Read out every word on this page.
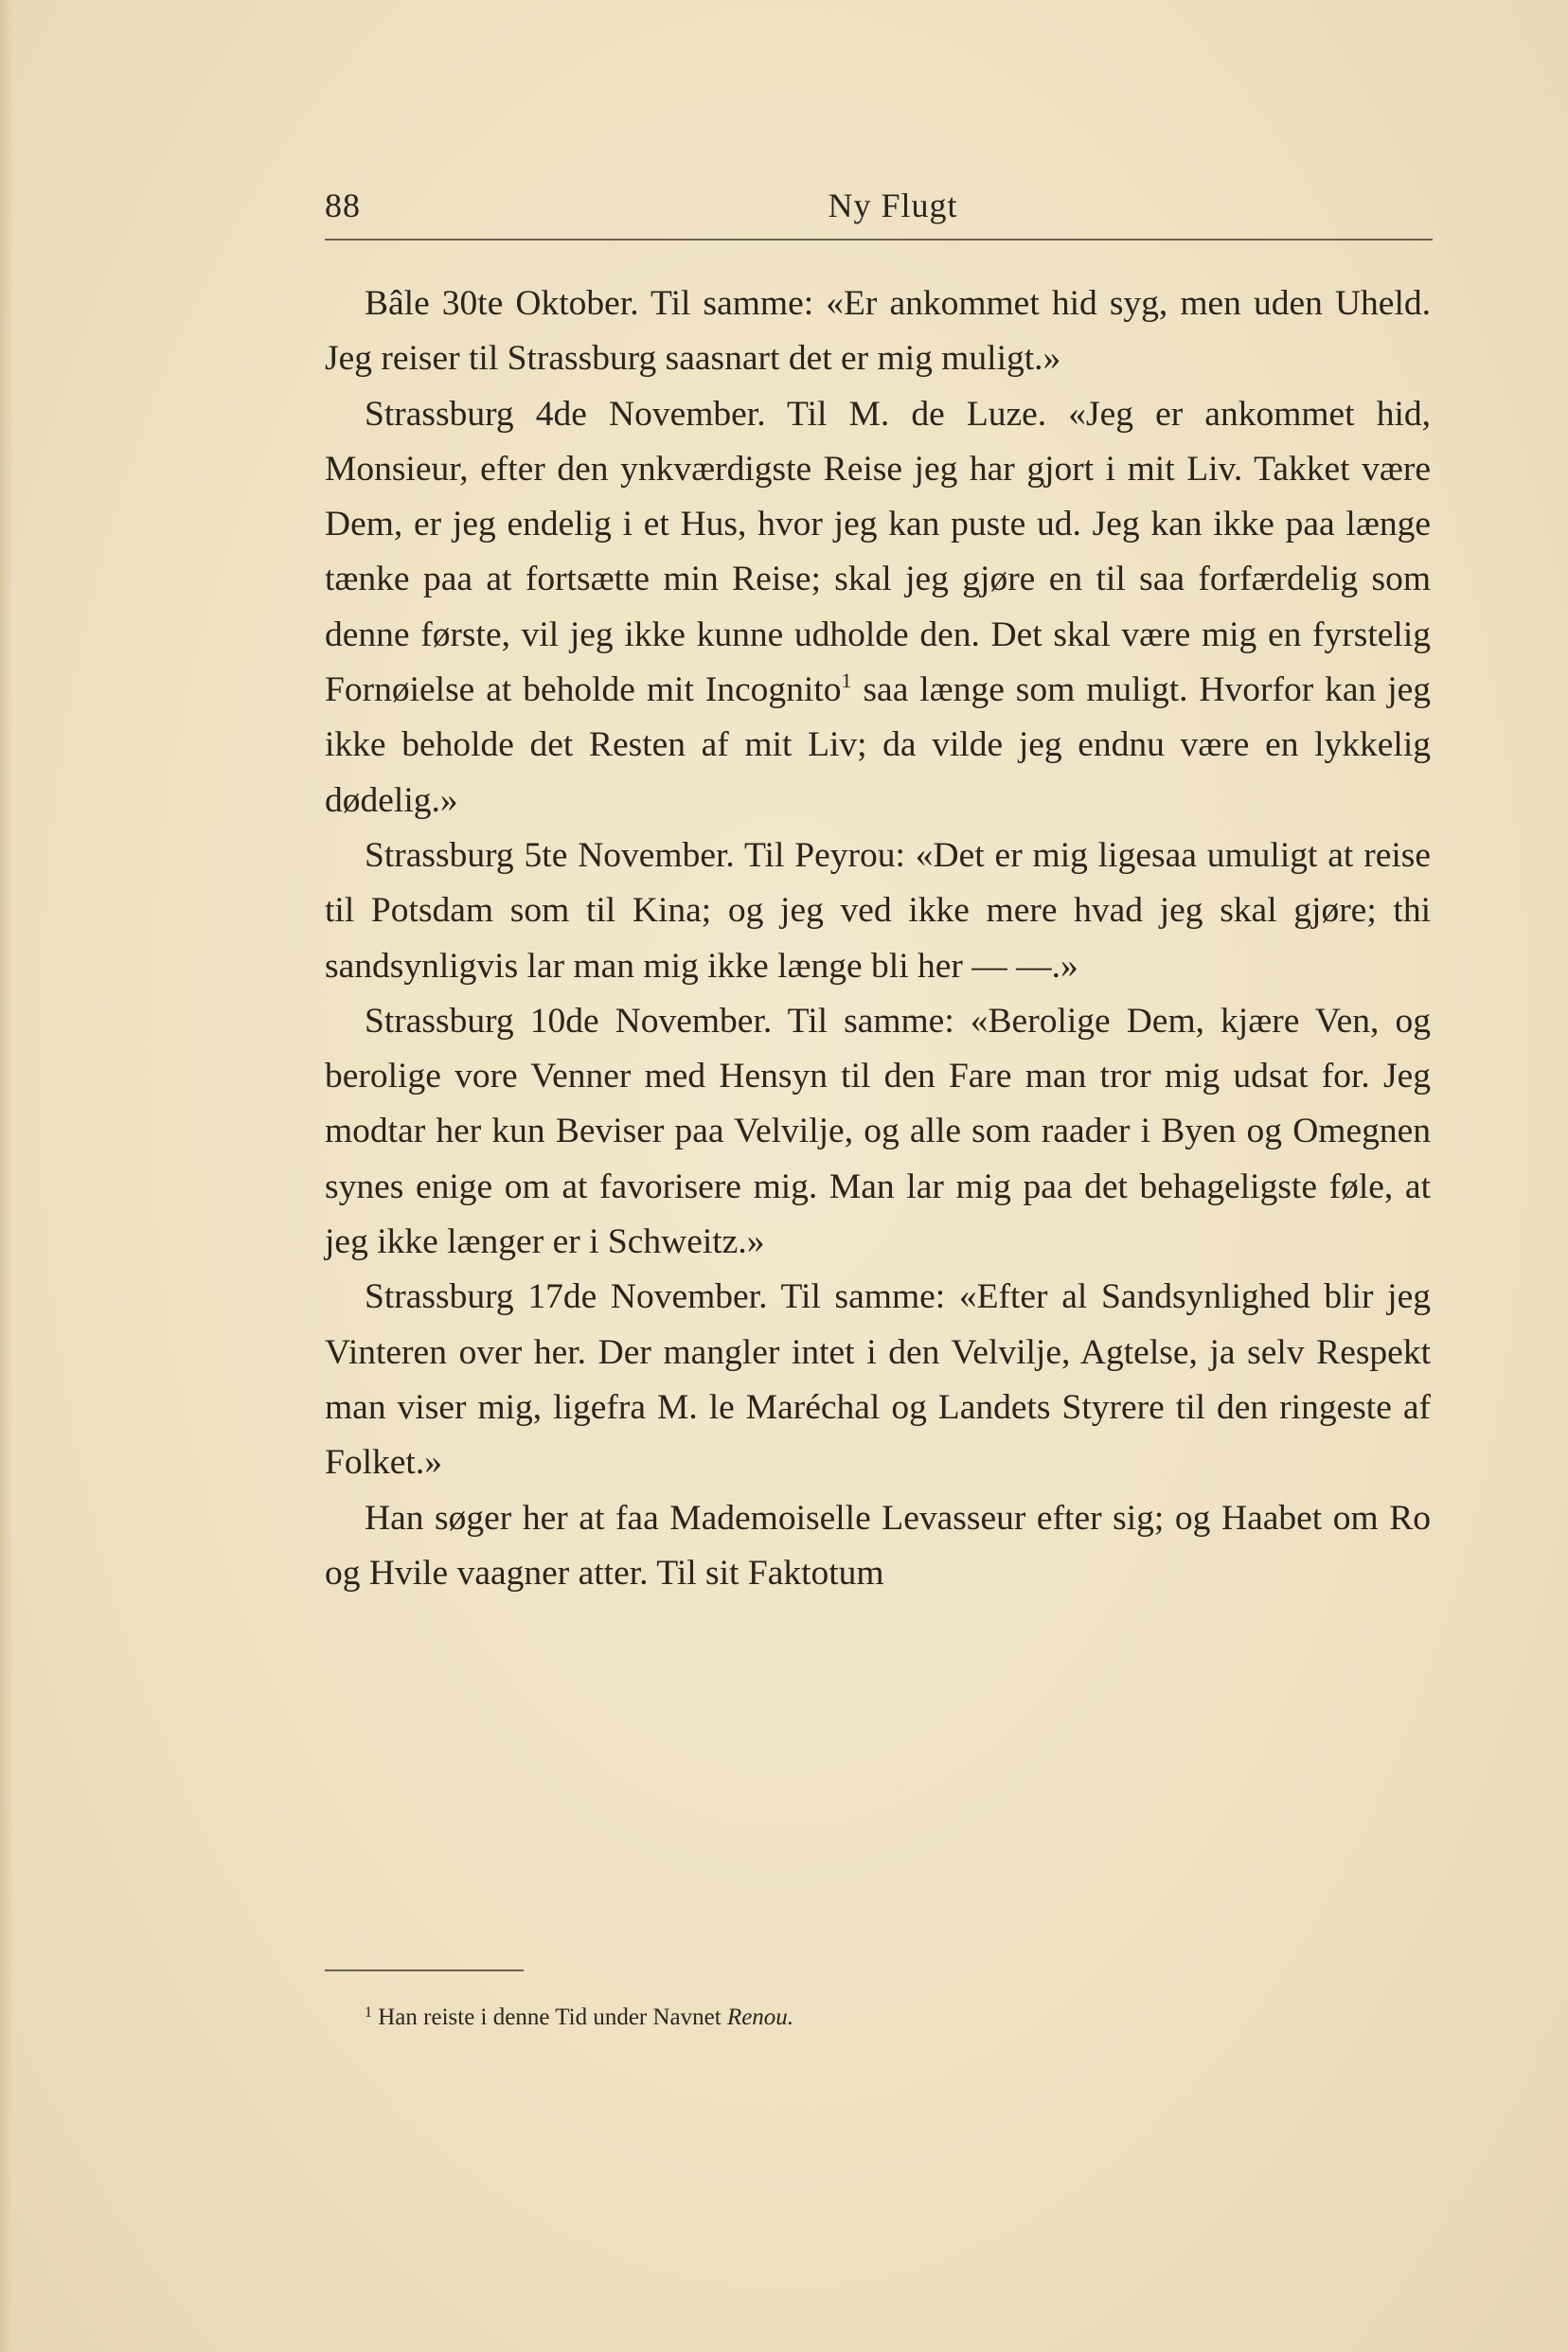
88	Ny Flugt

Bâle 30te Oktober. Til samme: «Er ankommet hid syg, men uden Uheld. Jeg reiser til Strassburg saasnart det er mig muligt.»

Strassburg 4de November. Til M. de Luze. «Jeg er ankommet hid, Monsieur, efter den ynkværdigste Reise jeg har gjort i mit Liv. Takket være Dem, er jeg endelig i et Hus, hvor jeg kan puste ud. Jeg kan ikke paa længe tænke paa at fortsætte min Reise; skal jeg gjøre en til saa forfærdelig som denne første, vil jeg ikke kunne udholde den. Det skal være mig en fyrstelig Fornøielse at beholde mit Incognito$^1$ saa længe som muligt. Hvorfor kan jeg ikke beholde det Resten af mit Liv; da vilde jeg endnu være en lykkelig dødelig.»

Strassburg 5te November. Til Peyrou: «Det er mig ligesaa umuligt at reise til Potsdam som til Kina; og jeg ved ikke mere hvad jeg skal gjøre; thi sandsynligvis lar man mig ikke længe bli her — —.»

Strassburg 10de November. Til samme: «Berolige Dem, kjære Ven, og berolige vore Venner med Hensyn til den Fare man tror mig udsat for. Jeg modtar her kun Beviser paa Velvilje, og alle som raader i Byen og Omegnen synes enige om at favorisere mig. Man lar mig paa det behageligste føle, at jeg ikke længer er i Schweitz.»

Strassburg 17de November. Til samme: «Efter al Sandsynlighed blir jeg Vinteren over her. Der mangler intet i den Velvilje, Agtelse, ja selv Respekt man viser mig, ligefra M. le Maréchal og Landets Styrere til den ringeste af Folket.»

Han søger her at faa Mademoiselle Levasseur efter sig; og Haabet om Ro og Hvile vaagner atter. Til sit Faktotum

$^1$ Han reiste i denne Tid under Navnet Renou.
